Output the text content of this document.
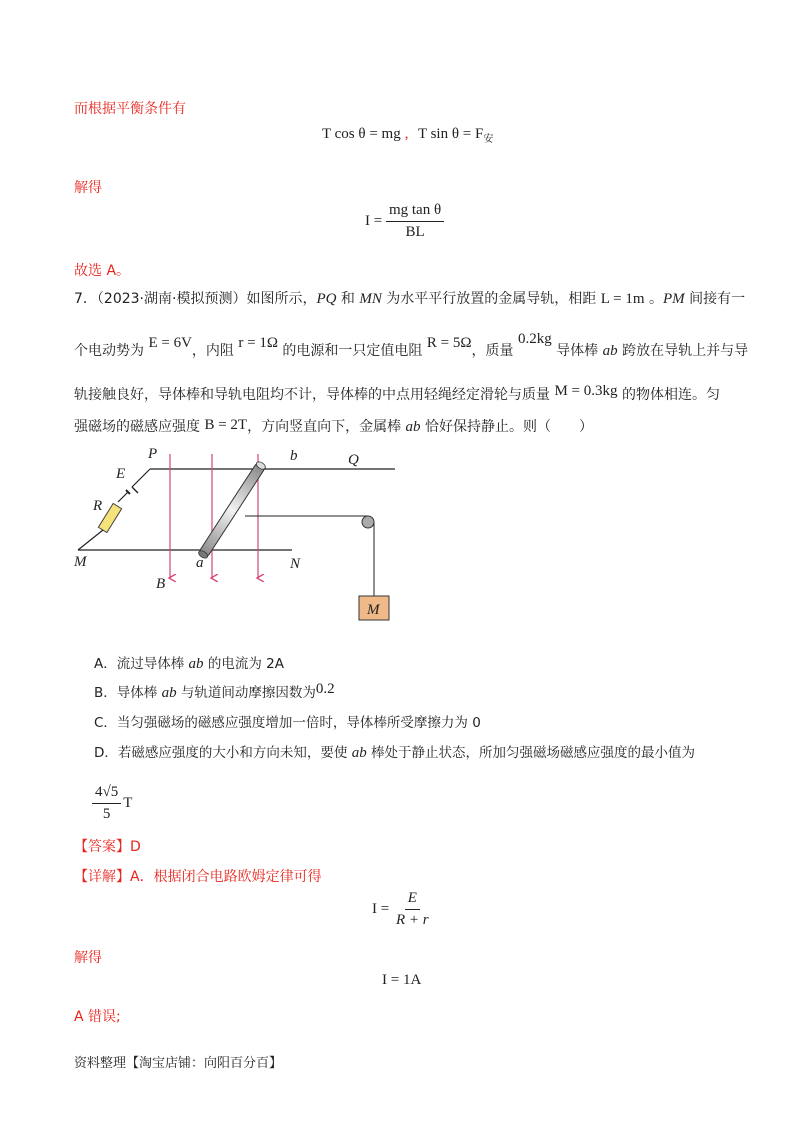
而根据平衡条件有
T cos θ = mg , T $\sin \theta = F_安$
解得
$I = \frac{\text{mg tan θ}}{BL}$
故选 A。
7．（2023·湖南·模拟预测）如图所示，PQ 和 MN 为水平平行放置的金属导轨，相距 L = 1m 。PM 间接有一
个电动势为 E = 6V，内阻 r = 1Ω 的电源和一只定值电阻 R = 5Ω，质量 0.2kg 导体棒 ab 跨放在导轨上并与导
轨接触良好，导体棒和导轨电阻均不计，导体棒的中点用轻绳经定滑轮与质量 M = 0.3kg 的物体相连。匀
强磁场的磁感应强度 B = 2T，方向竖直向下，金属棒 ab 恰好保持静止。则（　　）
P	Q
b
E
R
M	a	N
B
M
A．流过导体棒 ab 的电流为 2A
B．导体棒 ab 与轨道间动摩擦因数为0.2
C．当匀强磁场的磁感应强度增加一倍时，导体棒所受摩擦力为 0
D．若磁感应强度的大小和方向未知，要使 ab 棒处于静止状态，所加匀强磁场磁感应强度的最小值为
$\frac{4√5}{5}$ T
【答案】D
【详解】A．根据闭合电路欧姆定律可得
$I = \frac{E}{R + r}$
解得
I = 1A
A 错误;
资料整理【淘宝店铺：向阳百分百】
